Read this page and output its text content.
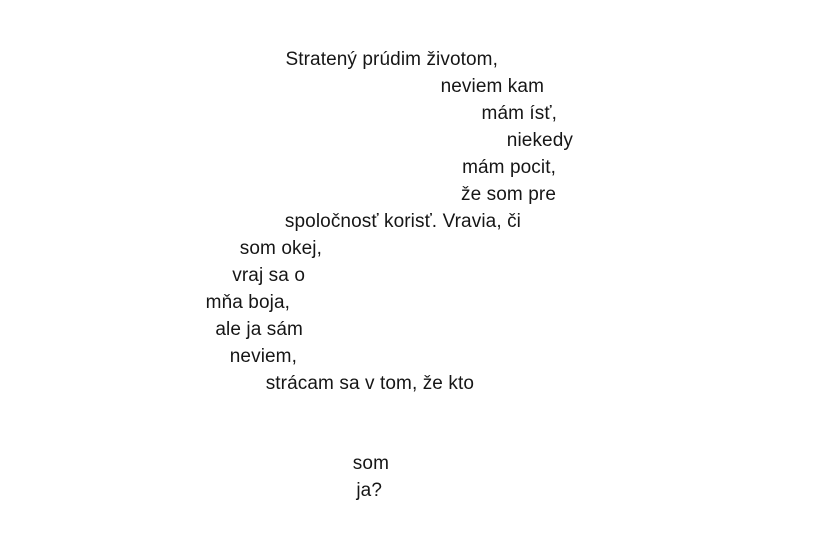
Stratený prúdim životom,
neviem kam
mám ísť,
niekedy
mám pocit,
že som pre
spoločnosť korisť. Vravia, či
som okej,
vraj sa o
mňa boja,
ale ja sám
neviem,
strácam sa v tom, že kto
som
ja?
